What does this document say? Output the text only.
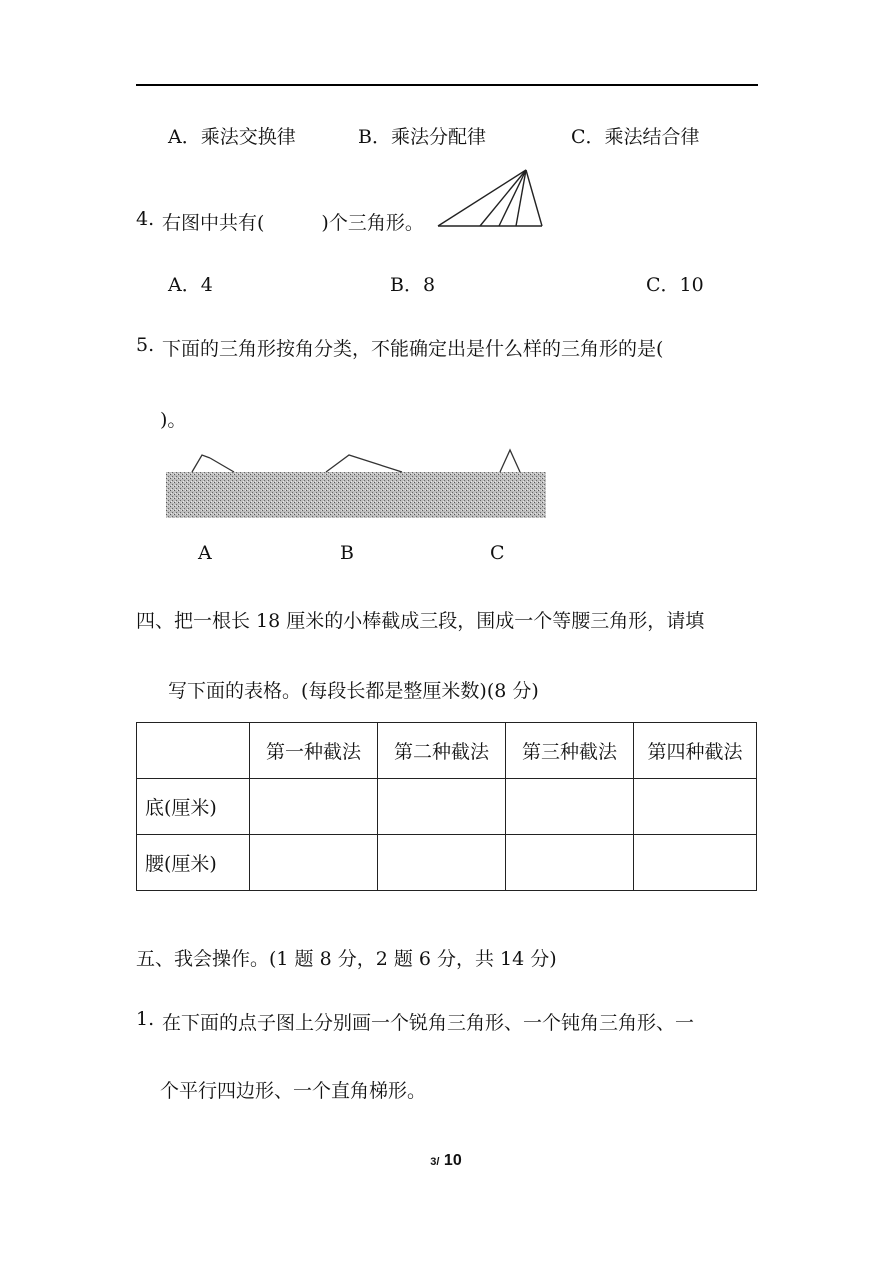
A．乘法交换律	B．乘法分配律	C．乘法结合律
4. 右图中共有(　　　)个三角形。
A．4	B．8	C．10
5. 下面的三角形按角分类，不能确定出是什么样的三角形的是(
)。
A	B	C
四、把一根长 18 厘米的小棒截成三段，围成一个等腰三角形，请填
写下面的表格。(每段长都是整厘米数)(8 分)
	第一种截法	第二种截法	第三种截法	第四种截法
底(厘米)				
腰(厘米)				
五、我会操作。(1 题 8 分，2 题 6 分，共 14 分)
1. 在下面的点子图上分别画一个锐角三角形、一个钝角三角形、一
个平行四边形、一个直角梯形。
3/ 10
